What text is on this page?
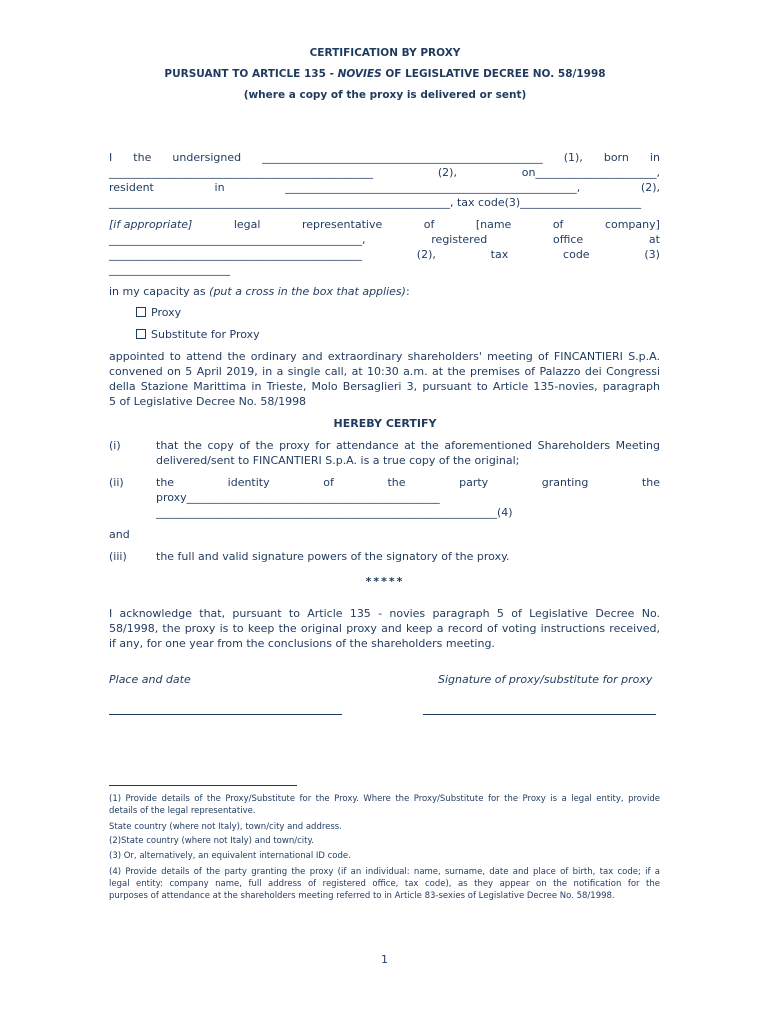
CERTIFICATION BY PROXY
PURSUANT TO ARTICLE 135 - NOVIES OF LEGISLATIVE DECREE NO. 58/1998
(where a copy of the proxy is delivered or sent)
I the undersigned ___________________________________________________ (1), born in
________________________________________________	(2),	on______________________,
resident	in	_____________________________________________________,	(2),
______________________________________________________________, tax code(3)______________________
[if appropriate]	legal	representative	of	[name	of	company]
______________________________________________,	registered	office	at
______________________________________________	(2),	tax	code	(3)
______________________
in my capacity as (put a cross in the box that applies):
Proxy
Substitute for Proxy
appointed to attend the ordinary and extraordinary shareholders' meeting of FINCANTIERI S.p.A.
convened on 5 April 2019, in a single call, at 10:30 a.m. at the premises of Palazzo dei Congressi
della Stazione Marittima in Trieste, Molo Bersaglieri 3, pursuant to Article 135-novies, paragraph
5 of Legislative Decree No. 58/1998
HEREBY CERTIFY
(i)	that the copy of the proxy for attendance at the aforementioned Shareholders Meeting
delivered/sent to FINCANTIERI S.p.A. is a true copy of the original;
(ii)	the	identity	of	the	party	granting	the
proxy______________________________________________
______________________________________________________________(4)
and
(iii)	the full and valid signature powers of the signatory of the proxy.
*****
I acknowledge that, pursuant to Article 135 - novies paragraph 5 of Legislative Decree No.
58/1998, the proxy is to keep the original proxy and keep a record of voting instructions received,
if any, for one year from the conclusions of the shareholders meeting.
Place and date	Signature of proxy/substitute for proxy
(1) Provide details of the Proxy/Substitute for the Proxy. Where the Proxy/Substitute for the Proxy is a legal entity, provide
details of the legal representative.
State country (where not Italy), town/city and address.
(2)State country (where not Italy) and town/city.
(3) Or, alternatively, an equivalent international ID code.
(4) Provide details of the party granting the proxy (if an individual: name, surname, date and place of birth, tax code; if a
legal entity: company name, full address of registered office, tax code), as they appear on the notification for the
purposes of attendance at the shareholders meeting referred to in Article 83-sexies of Legislative Decree No. 58/1998.
1
